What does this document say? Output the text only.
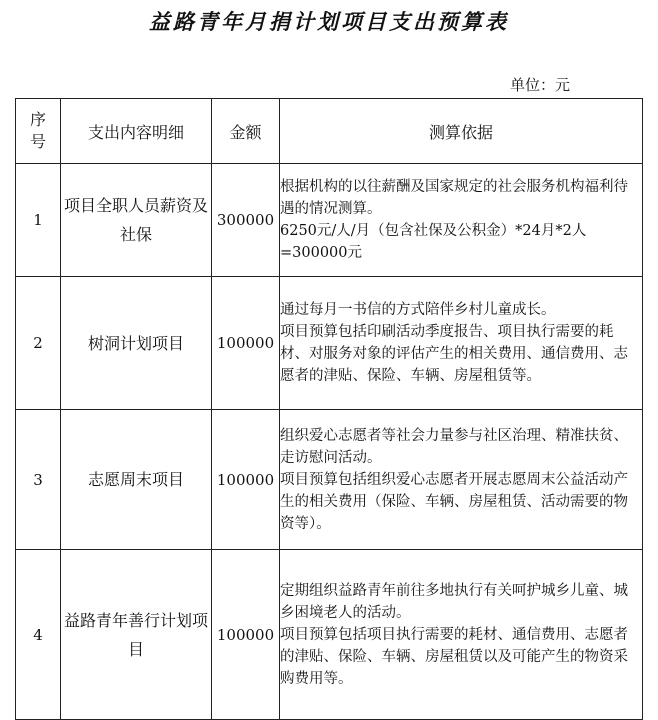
益路青年月捐计划项目支出预算表
单位：元
序
号	支出内容明细	金额	测算依据
1	项目全职人员薪资及社保	300000	根据机构的以往薪酬及国家规定的社会服务机构福利待遇的情况测算。
6250元/人/月（包含社保及公积金）*24月*2人=300000元

2	树洞计划项目	100000	通过每月一书信的方式陪伴乡村儿童成长。
项目预算包括印刷活动季度报告、项目执行需要的耗材、对服务对象的评估产生的相关费用、通信费用、志愿者的津贴、保险、车辆、房屋租赁等。

3	志愿周末项目	100000	组织爱心志愿者等社会力量参与社区治理、精准扶贫、走访慰问活动。
项目预算包括组织爱心志愿者开展志愿周末公益活动产生的相关费用（保险、车辆、房屋租赁、活动需要的物资等）。

4	益路青年善行计划项目	100000	定期组织益路青年前往多地执行有关呵护城乡儿童、城乡困境老人的活动。
项目预算包括项目执行需要的耗材、通信费用、志愿者的津贴、保险、车辆、房屋租赁以及可能产生的物资采购费用等。
